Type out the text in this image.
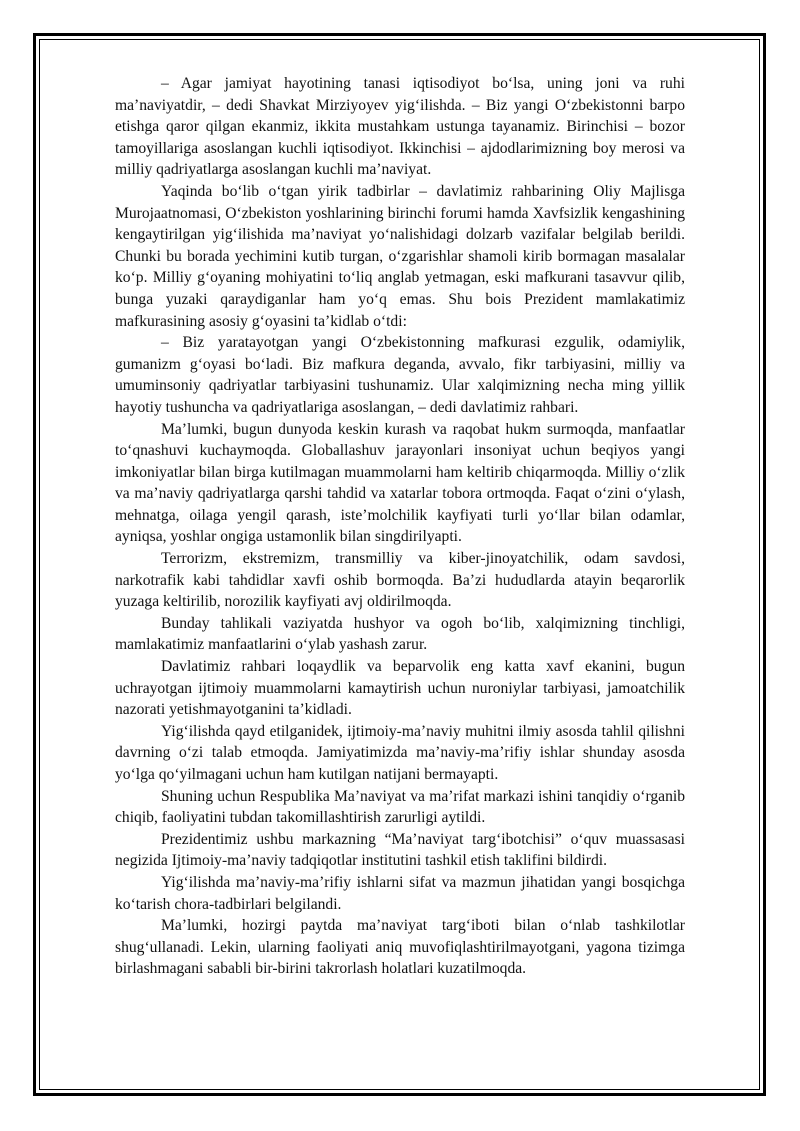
– Agar jamiyat hayotining tanasi iqtisodiyot bo‘lsa, uning joni va ruhi ma’naviyatdir, – dedi Shavkat Mirziyoyev yig‘ilishda. – Biz yangi O‘zbekistonni barpo etishga qaror qilgan ekanmiz, ikkita mustahkam ustunga tayanamiz. Birinchisi – bozor tamoyillariga asoslangan kuchli iqtisodiyot. Ikkinchisi – ajdodlarimizning boy merosi va milliy qadriyatlarga asoslangan kuchli ma’naviyat.

Yaqinda bo‘lib o‘tgan yirik tadbirlar – davlatimiz rahbarining Oliy Majlisga Murojaatnomasi, O‘zbekiston yoshlarining birinchi forumi hamda Xavfsizlik kengashining kengaytirilgan yig‘ilishida ma’naviyat yo‘nalishidagi dolzarb vazifalar belgilab berildi. Chunki bu borada yechimini kutib turgan, o‘zgarishlar shamoli kirib bormagan masalalar ko‘p. Milliy g‘oyaning mohiyatini to‘liq anglab yetmagan, eski mafkurani tasavvur qilib, bunga yuzaki qaraydiganlar ham yo‘q emas. Shu bois Prezident mamlakatimiz mafkurasining asosiy g‘oyasini ta’kidlab o‘tdi:

– Biz yaratayotgan yangi O‘zbekistonning mafkurasi ezgulik, odamiylik, gumanizm g‘oyasi bo‘ladi. Biz mafkura deganda, avvalo, fikr tarbiyasini, milliy va umuminsoniy qadriyatlar tarbiyasini tushunamiz. Ular xalqimizning necha ming yillik hayotiy tushuncha va qadriyatlariga asoslangan, – dedi davlatimiz rahbari.

Ma’lumki, bugun dunyoda keskin kurash va raqobat hukm surmoqda, manfaatlar to‘qnashuvi kuchaymoqda. Globallashuv jarayonlari insoniyat uchun beqiyos yangi imkoniyatlar bilan birga kutilmagan muammolarni ham keltirib chiqarmoqda. Milliy o‘zlik va ma’naviy qadriyatlarga qarshi tahdid va xatarlar tobora ortmoqda. Faqat o‘zini o‘ylash, mehnatga, oilaga yengil qarash, iste’molchilik kayfiyati turli yo‘llar bilan odamlar, ayniqsa, yoshlar ongiga ustamonlik bilan singdirilyapti.

Terrorizm, ekstremizm, transmilliy va kiber-jinoyatchilik, odam savdosi, narkotrafik kabi tahdidlar xavfi oshib bormoqda. Ba’zi hududlarda atayin beqarorlik yuzaga keltirilib, norozilik kayfiyati avj oldirilmoqda.

Bunday tahlikali vaziyatda hushyor va ogoh bo‘lib, xalqimizning tinchligi, mamlakatimiz manfaatlarini o‘ylab yashash zarur.

Davlatimiz rahbari loqaydlik va beparvolik eng katta xavf ekanini, bugun uchrayotgan ijtimoiy muammolarni kamaytirish uchun nuroniylar tarbiyasi, jamoatchilik nazorati yetishmayotganini ta’kidladi.

Yig‘ilishda qayd etilganidek, ijtimoiy-ma’naviy muhitni ilmiy asosda tahlil qilishni davrning o‘zi talab etmoqda. Jamiyatimizda ma’naviy-ma’rifiy ishlar shunday asosda yo‘lga qo‘yilmagani uchun ham kutilgan natijani bermayapti.

Shuning uchun Respublika Ma’naviyat va ma’rifat markazi ishini tanqidiy o‘rganib chiqib, faoliyatini tubdan takomillashtirish zarurligi aytildi.

Prezidentimiz ushbu markazning “Ma’naviyat targ‘ibotchisi” o‘quv muassasasi negizida Ijtimoiy-ma’naviy tadqiqotlar institutini tashkil etish taklifini bildirdi.

Yig‘ilishda ma’naviy-ma’rifiy ishlarni sifat va mazmun jihatidan yangi bosqichga ko‘tarish chora-tadbirlari belgilandi.

Ma’lumki, hozirgi paytda ma’naviyat targ‘iboti bilan o‘nlab tashkilotlar shug‘ullanadi. Lekin, ularning faoliyati aniq muvofiqlashtirilmayotgani, yagona tizimga birlashmagani sababli bir-birini takrorlash holatlari kuzatilmoqda.
